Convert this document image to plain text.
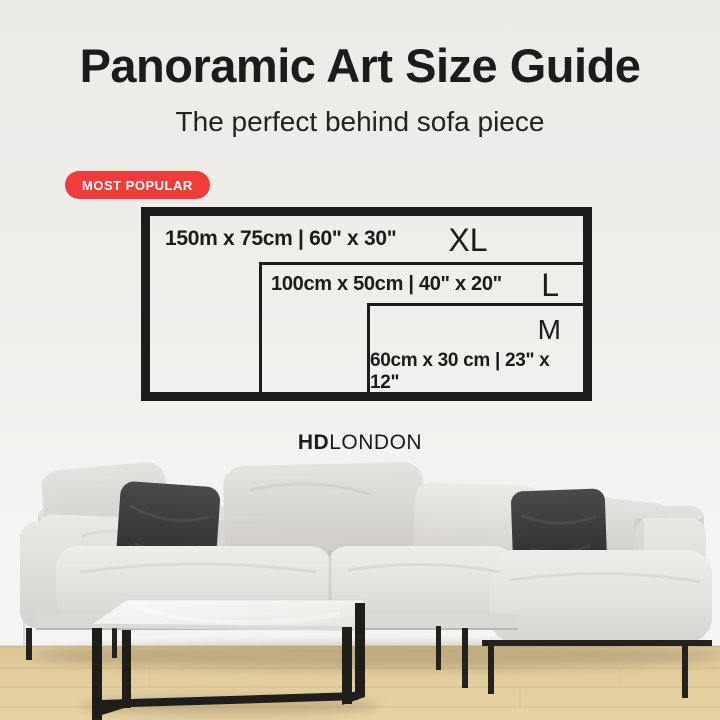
Panoramic Art Size Guide
The perfect behind sofa piece
MOST POPULAR
150m x 75cm | 60" x 30"	XL
100cm x 50cm | 40" x 20" L
M
60cm x 30 cm | 23" x 12"
HDLONDON
